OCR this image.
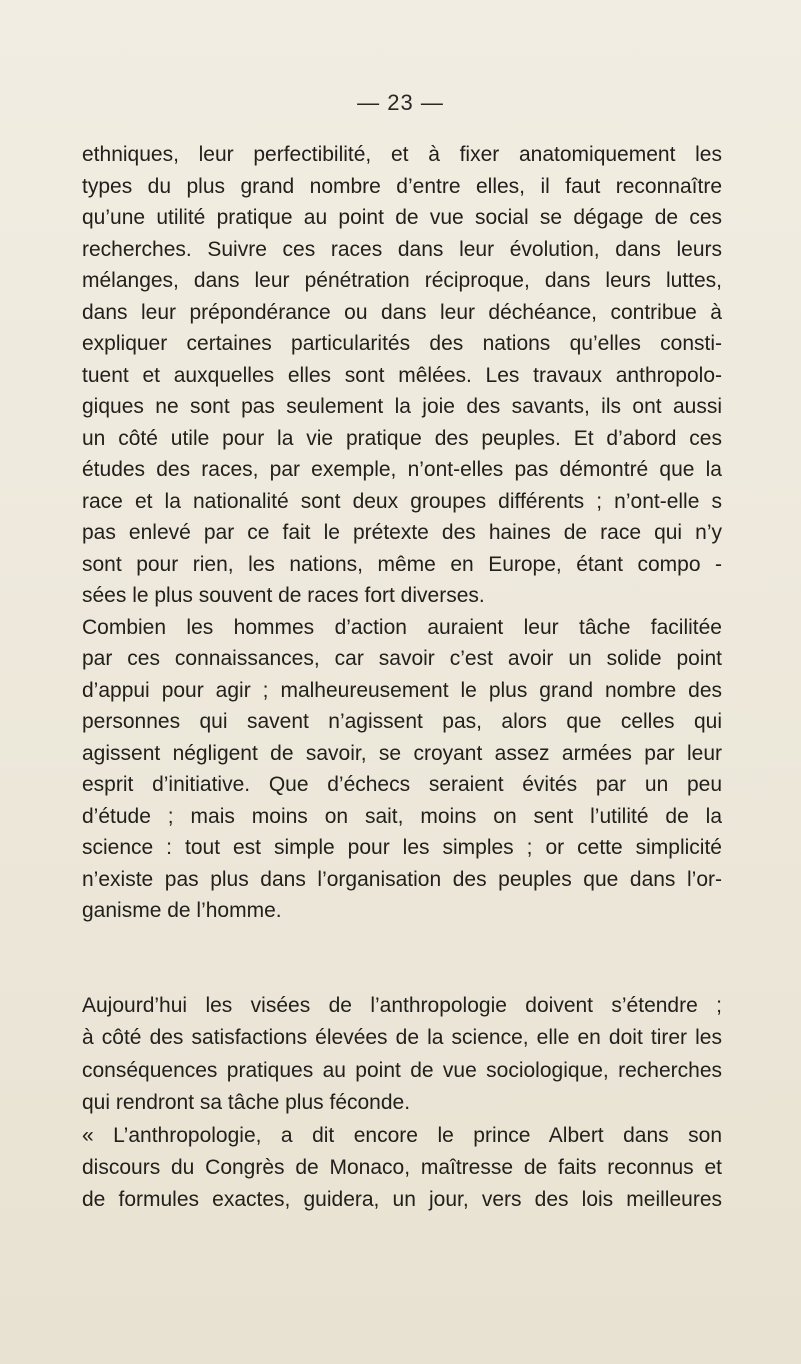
— 23 —
ethniques, leur perfectibilité, et à fixer anatomiquement les
types du plus grand nombre d’entre elles, il faut reconnaître
qu’une utilité pratique au point de vue social se dégage de ces
recherches. Suivre ces races dans leur évolution, dans leurs
mélanges, dans leur pénétration réciproque, dans leurs luttes,
dans leur prépondérance ou dans leur déchéance, contribue à
expliquer certaines particularités des nations qu’elles consti-
tuent et auxquelles elles sont mêlées. Les travaux anthropolo-
giques ne sont pas seulement la joie des savants, ils ont aussi
un côté utile pour la vie pratique des peuples. Et d’abord ces
études des races, par exemple, n’ont-elles pas démontré que la
race et la nationalité sont deux groupes différents ; n’ont-elle s
pas enlevé par ce fait le prétexte des haines de race qui n’y
sont pour rien, les nations, même en Europe, étant compo -
sées le plus souvent de races fort diverses.
Combien les hommes d’action auraient leur tâche facilitée
par ces connaissances, car savoir c’est avoir un solide point
d’appui pour agir ; malheureusement le plus grand nombre des
personnes qui savent n’agissent pas, alors que celles qui
agissent négligent de savoir, se croyant assez armées par leur
esprit d’initiative. Que d’échecs seraient évités par un peu
d’étude ; mais moins on sait, moins on sent l’utilité de la
science : tout est simple pour les simples ; or cette simplicité
n’existe pas plus dans l’organisation des peuples que dans l’or-
ganisme de l’homme.
Aujourd’hui les visées de l’anthropologie doivent s’étendre ;
à côté des satisfactions élevées de la science, elle en doit tirer les
conséquences pratiques au point de vue sociologique, recherches
qui rendront sa tâche plus féconde.
« L’anthropologie, a dit encore le prince Albert dans son
discours du Congrès de Monaco, maîtresse de faits reconnus et
de formules exactes, guidera, un jour, vers des lois meilleures
